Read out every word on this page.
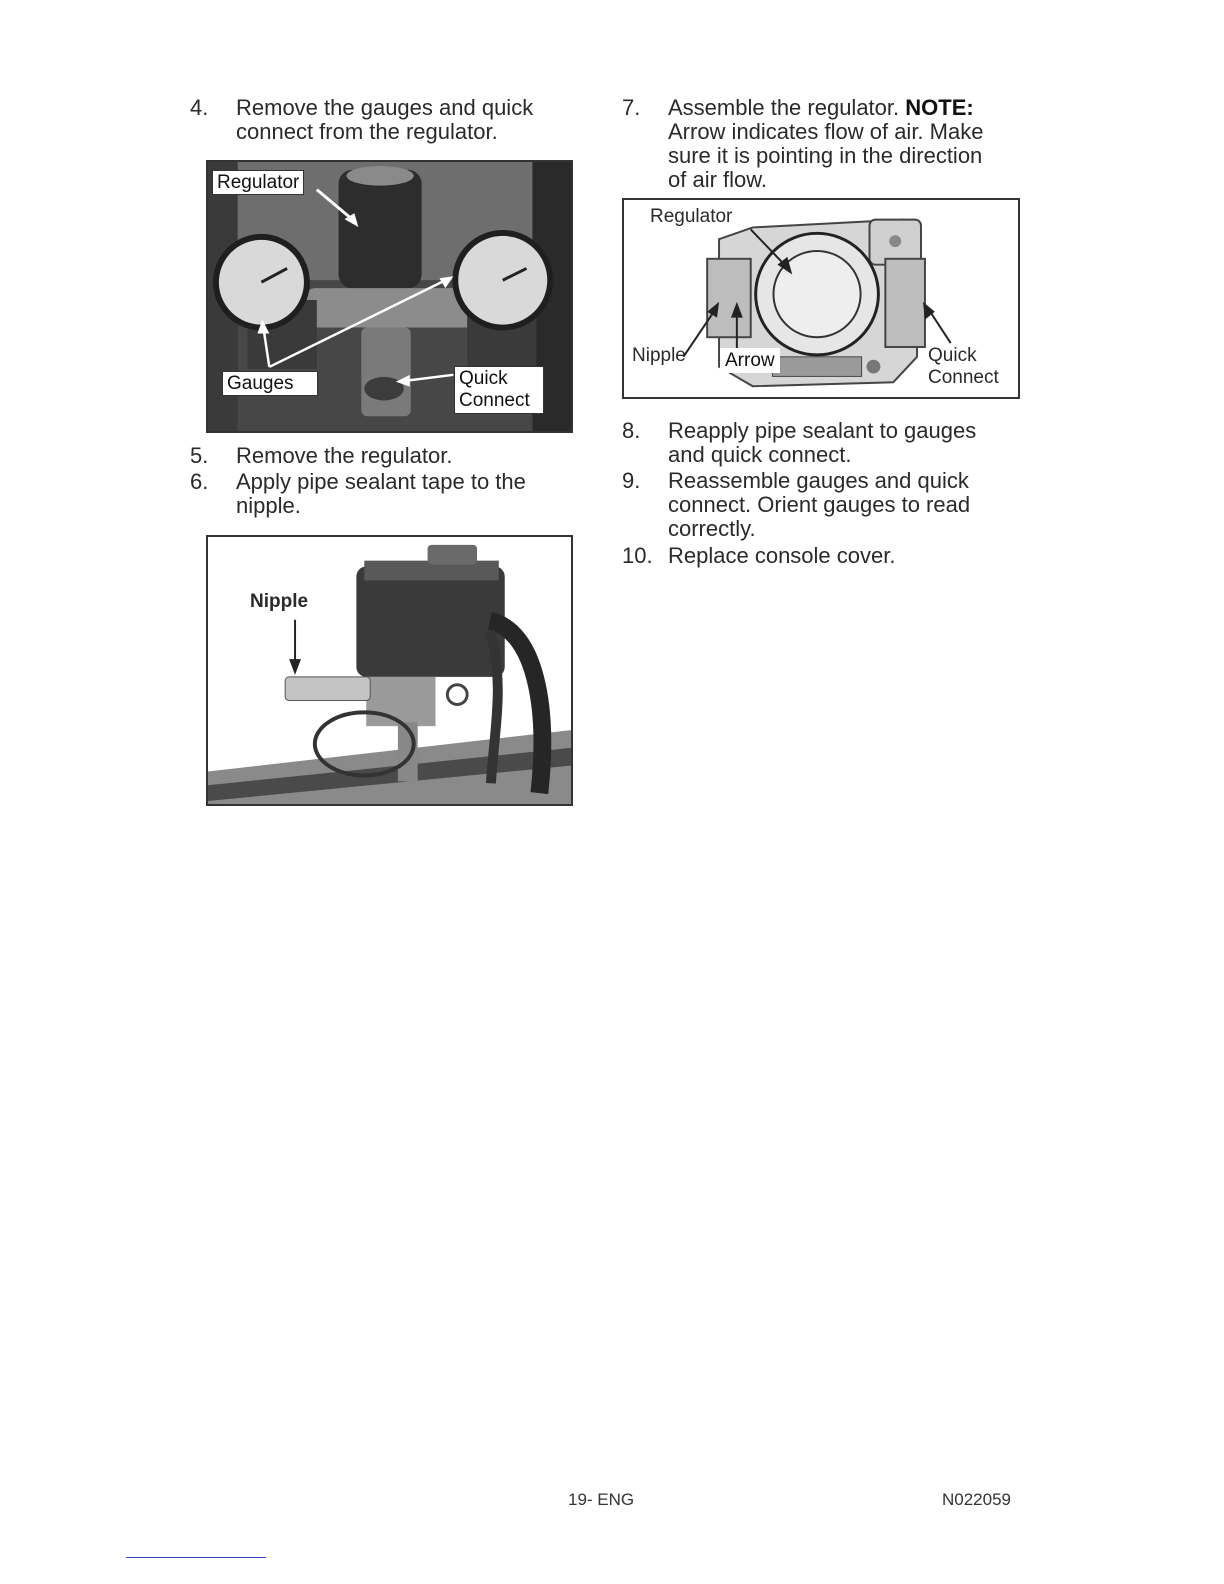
4. Remove the gauges and quick
connect from the regulator.
Regulator
Gauges	Quick
Connect
5. Remove the regulator.
6. Apply pipe sealant tape to the
nipple.
Nipple
7. Assemble the regulator. NOTE:
Arrow indicates flow of air. Make
sure it is pointing in the direction
of air flow.
Regulator
Nipple Arrow	Quick
Connect
8. Reapply pipe sealant to gauges
and quick connect.
9. Reassemble gauges and quick
connect. Orient gauges to read
correctly.
10. Replace console cover.
19- ENG	N022059
